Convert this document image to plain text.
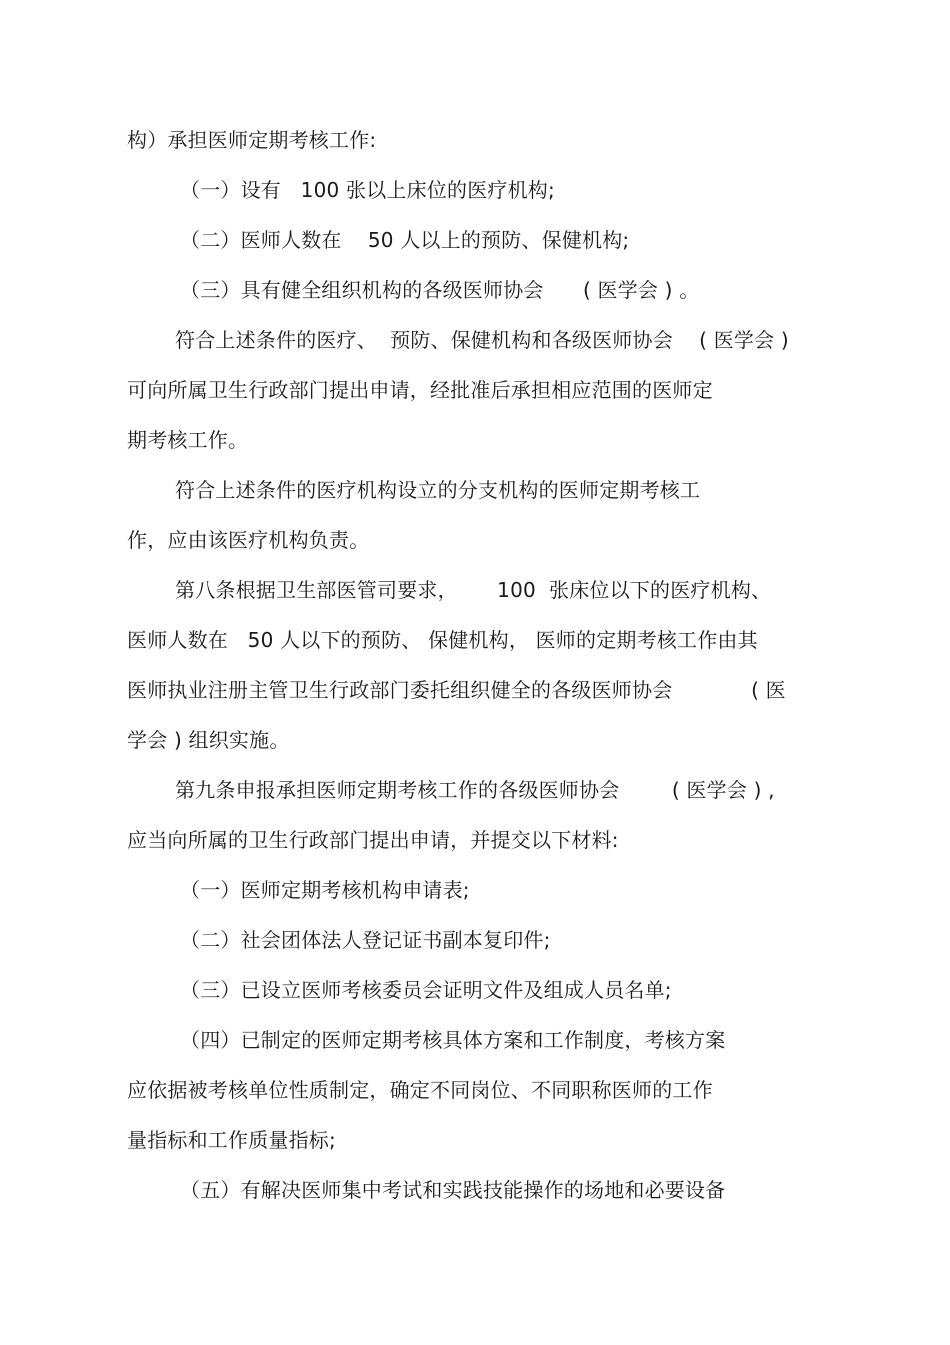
构）承担医师定期考核工作:
（一）设有   100 张以上床位的医疗机构;
（二）医师人数在    50 人以上的预防、保健机构;
（三）具有健全组织机构的各级医师协会      ( 医学会 ) 。
符合上述条件的医疗、  预防、保健机构和各级医师协会    ( 医学会 )
可向所属卫生行政部门提出申请，经批准后承担相应范围的医师定
期考核工作。
符合上述条件的医疗机构设立的分支机构的医师定期考核工
作，应由该医疗机构负责。
第八条根据卫生部医管司要求，      100  张床位以下的医疗机构、
医师人数在   50 人以下的预防、 保健机构， 医师的定期考核工作由其
医师执业注册主管卫生行政部门委托组织健全的各级医师协会            ( 医
学会 ) 组织实施。
第九条申报承担医师定期考核工作的各级医师协会        ( 医学会 ) ,
应当向所属的卫生行政部门提出申请，并提交以下材料:
（一）医师定期考核机构申请表;
（二）社会团体法人登记证书副本复印件;
（三）已设立医师考核委员会证明文件及组成人员名单;
（四）已制定的医师定期考核具体方案和工作制度，考核方案
应依据被考核单位性质制定，确定不同岗位、不同职称医师的工作
量指标和工作质量指标;
（五）有解决医师集中考试和实践技能操作的场地和必要设备
